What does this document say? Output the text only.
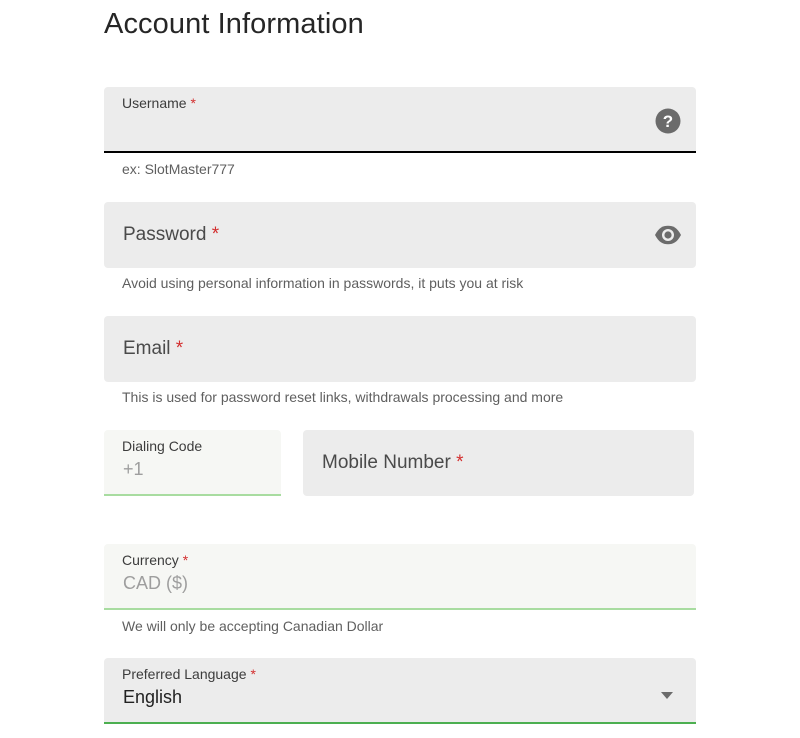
Account Information
Username *
?
ex: SlotMaster777
Password *
Avoid using personal information in passwords, it puts you at risk
Email *
This is used for password reset links, withdrawals processing and more
Dialing Code
+1	Mobile Number *
Currency *
CAD ($)
We will only be accepting Canadian Dollar
Preferred Language *
English
